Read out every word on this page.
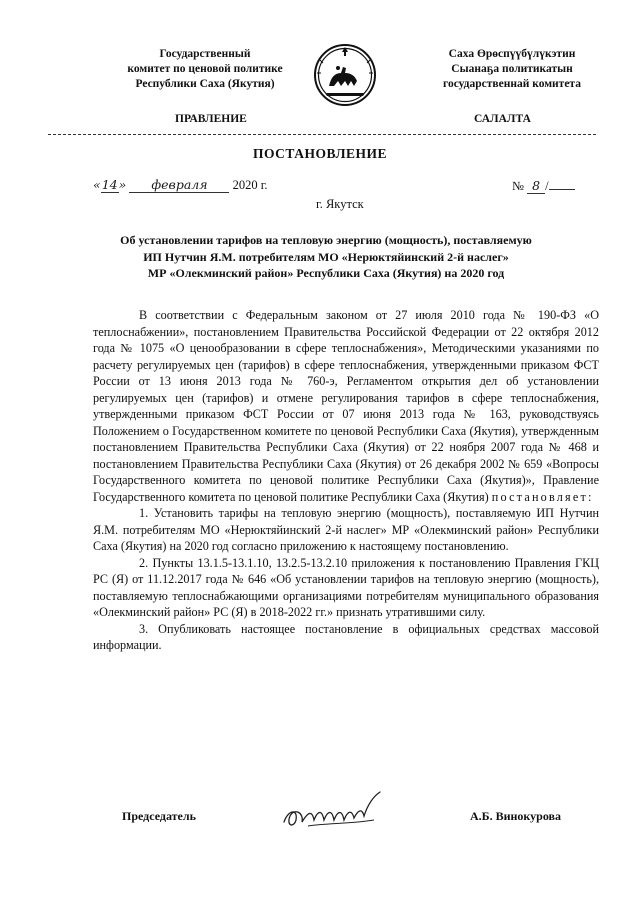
Государственный
комитет по ценовой политике
Республики Саха (Якутия)
Саха Өрөспүүбүлүкэтин
Сыанаҕа политикатын
государственнай комитета
ПРАВЛЕНИЕ	САЛАЛТА
ПОСТАНОВЛЕНИЕ
«14» февраля 2020 г.	№ 8 /
г. Якутск
Об установлении тарифов на тепловую энергию (мощность), поставляемую
ИП Нутчин Я.М. потребителям МО «Нерюктяйинский 2-й наслег»
МР «Олекминский район» Республики Саха (Якутия) на 2020 год

В соответствии с Федеральным законом от 27 июля 2010 года № 190-ФЗ «О теплоснабжении», постановлением Правительства Российской Федерации от 22 октября 2012 года № 1075 «О ценообразовании в сфере теплоснабжения», Методическими указаниями по расчету регулируемых цен (тарифов) в сфере теплоснабжения, утвержденными приказом ФСТ России от 13 июня 2013 года № 760-э, Регламентом открытия дел об установлении регулируемых цен (тарифов) и отмене регулирования тарифов в сфере теплоснабжения, утвержденными приказом ФСТ России от 07 июня 2013 года № 163, руководствуясь Положением о Государственном комитете по ценовой Республики Саха (Якутия), утвержденным постановлением Правительства Республики Саха (Якутия) от 22 ноября 2007 года № 468 и постановлением Правительства Республики Саха (Якутия) от 26 декабря 2002 № 659 «Вопросы Государственного комитета по ценовой политике Республики Саха (Якутия)», Правление Государственного комитета по ценовой политике Республики Саха (Якутия) постановляет:

1. Установить тарифы на тепловую энергию (мощность), поставляемую ИП Нутчин Я.М. потребителям МО «Нерюктяйинский 2-й наслег» МР «Олекминский район» Республики Саха (Якутия) на 2020 год согласно приложению к настоящему постановлению.

2. Пункты 13.1.5-13.1.10, 13.2.5-13.2.10 приложения к постановлению Правления ГКЦ РС (Я) от 11.12.2017 года № 646 «Об установлении тарифов на тепловую энергию (мощность), поставляемую теплоснабжающими организациями потребителям муниципального образования «Олекминский район» РС (Я) в 2018-2022 гг.» признать утратившими силу.

3. Опубликовать настоящее постановление в официальных средствах массовой информации.

Председатель	А.Б. Винокурова
